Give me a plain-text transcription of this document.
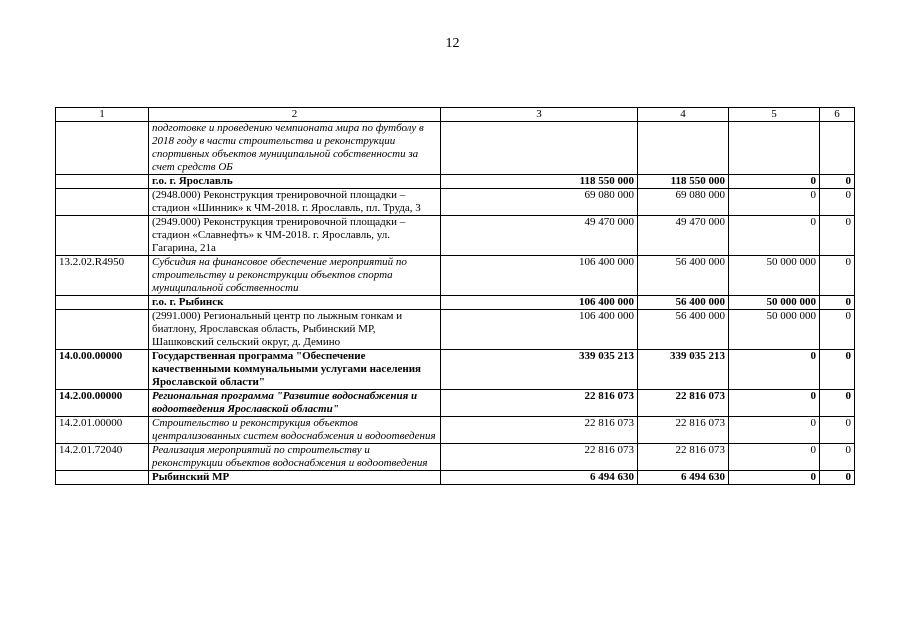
12
1	2	3	4	5	6
	подготовке и проведению чемпионата мира по футболу в 2018 году в части строительства и реконструкции спортивных объектов муниципальной собственности за счет средств ОБ				
	г.о. г. Ярославль	118 550 000	118 550 000	0	0
	(2948.000) Реконструкция тренировочной площадки – стадион «Шинник» к ЧМ-2018. г. Ярославль, пл. Труда, 3	69 080 000	69 080 000	0	0
	(2949.000) Реконструкция тренировочной площадки – стадион «Славнефть» к ЧМ-2018. г. Ярославль, ул. Гагарина, 21а	49 470 000	49 470 000	0	0
13.2.02.R4950	Субсидия на финансовое обеспечение мероприятий по строительству и реконструкции объектов спорта муниципальной собственности	106 400 000	56 400 000	50 000 000	0
	г.о. г. Рыбинск	106 400 000	56 400 000	50 000 000	0
	(2991.000) Региональный центр по лыжным гонкам и биатлону, Ярославская область, Рыбинский МР, Шашковский сельский округ, д. Демино	106 400 000	56 400 000	50 000 000	0
14.0.00.00000	Государственная программа "Обеспечение качественными коммунальными услугами населения Ярославской области"	339 035 213	339 035 213	0	0
14.2.00.00000	Региональная программа "Развитие водоснабжения и водоотведения Ярославской области"	22 816 073	22 816 073	0	0
14.2.01.00000	Строительство и реконструкция объектов централизованных систем водоснабжения и водоотведения	22 816 073	22 816 073	0	0
14.2.01.72040	Реализация мероприятий по строительству и реконструкции объектов водоснабжения и водоотведения	22 816 073	22 816 073	0	0
	Рыбинский МР	6 494 630	6 494 630	0	0
